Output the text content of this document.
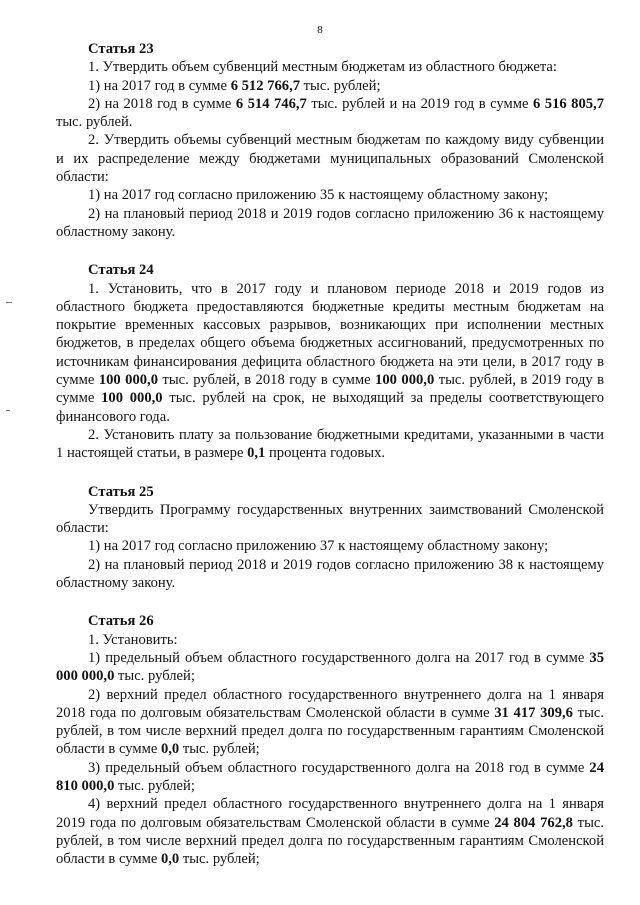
8

Статья 23

1. Утвердить объем субвенций местным бюджетам из областного бюджета:

1) на 2017 год в сумме 6 512 766,7 тыс. рублей;

2) на 2018 год в сумме 6 514 746,7 тыс. рублей и на 2019 год в сумме 6 516 805,7 тыс. рублей.

2. Утвердить объемы субвенций местным бюджетам по каждому виду субвенции и их распределение между бюджетами муниципальных образований Смоленской области:

1) на 2017 год согласно приложению 35 к настоящему областному закону;

2) на плановый период 2018 и 2019 годов согласно приложению 36 к настоящему областному закону.

Статья 24

1. Установить, что в 2017 году и плановом периоде 2018 и 2019 годов из областного бюджета предоставляются бюджетные кредиты местным бюджетам на покрытие временных кассовых разрывов, возникающих при исполнении местных бюджетов, в пределах общего объема бюджетных ассигнований, предусмотренных по источникам финансирования дефицита областного бюджета на эти цели, в 2017 году в сумме 100 000,0 тыс. рублей, в 2018 году в сумме 100 000,0 тыс. рублей, в 2019 году в сумме 100 000,0 тыс. рублей на срок, не выходящий за пределы соответствующего финансового года.

2. Установить плату за пользование бюджетными кредитами, указанными в части 1 настоящей статьи, в размере 0,1 процента годовых.

Статья 25

Утвердить Программу государственных внутренних заимствований Смоленской области:

1) на 2017 год согласно приложению 37 к настоящему областному закону;

2) на плановый период 2018 и 2019 годов согласно приложению 38 к настоящему областному закону.

Статья 26

1. Установить:

1) предельный объем областного государственного долга на 2017 год в сумме 35 000 000,0 тыс. рублей;

2) верхний предел областного государственного внутреннего долга на 1 января 2018 года по долговым обязательствам Смоленской области в сумме 31 417 309,6 тыс. рублей, в том числе верхний предел долга по государственным гарантиям Смоленской области в сумме 0,0 тыс. рублей;

3) предельный объем областного государственного долга на 2018 год в сумме 24 810 000,0 тыс. рублей;

4) верхний предел областного государственного внутреннего долга на 1 января 2019 года по долговым обязательствам Смоленской области в сумме 24 804 762,8 тыс. рублей, в том числе верхний предел долга по государственным гарантиям Смоленской области в сумме 0,0 тыс. рублей;
